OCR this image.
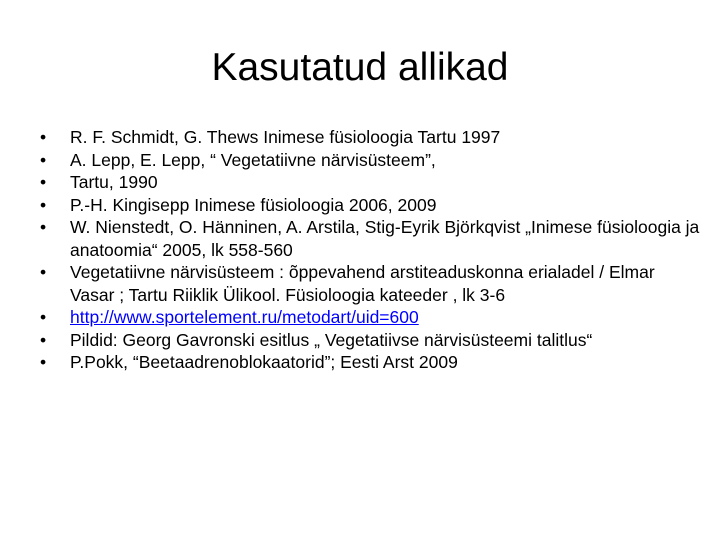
Kasutatud allikad
•	R. F. Schmidt, G. Thews Inimese füsioloogia Tartu 1997
•	A. Lepp, E. Lepp, “ Vegetatiivne närvisüsteem”,
•	Tartu, 1990
•	P.-H. Kingisepp Inimese füsioloogia 2006, 2009
•	W. Nienstedt, O. Hänninen, A. Arstila, Stig-Eyrik Björkqvist „Inimese füsioloogia ja anatoomia“ 2005, lk 558-560
•	Vegetatiivne närvisüsteem : õppevahend arstiteaduskonna erialadel / Elmar Vasar ; Tartu Riiklik Ülikool. Füsioloogia kateeder , lk 3-6
•	http://www.sportelement.ru/metodart/uid=600
•	Pildid: Georg Gavronski esitlus „ Vegetatiivse närvisüsteemi talitlus“
•	P.Pokk, “Beetaadrenoblokaatorid”; Eesti Arst 2009
